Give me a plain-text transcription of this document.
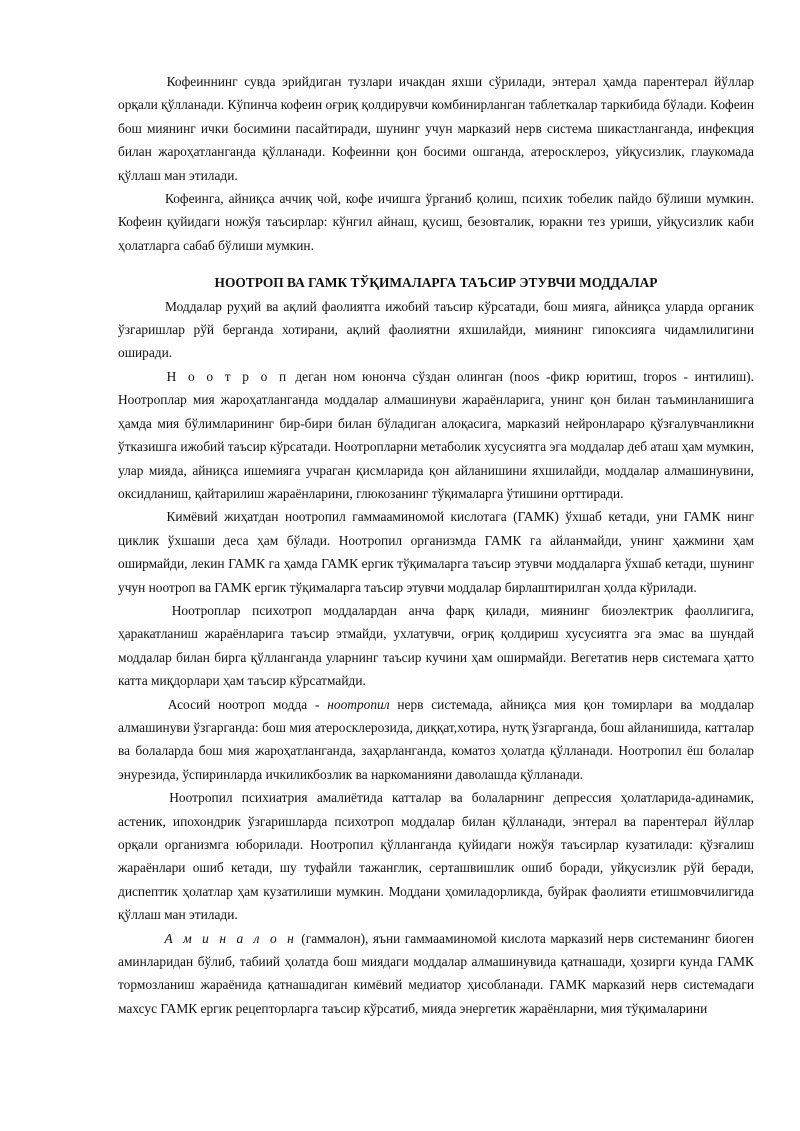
Кофеиннинг сувда эрийдиган тузлари ичакдан яхши сўрилади, энтерал ҳамда парентерал йўллар орқали қўлланади. Кўпинча кофеин оғриқ қолдирувчи комбинирланган таблеткалар таркибида бўлади. Кофеин бош миянинг ички босимини пасайтиради, шунинг учун марказий нерв система шикастланганда, инфекция билан жароҳатланганда қўлланади. Кофеинни қон босими ошганда, атеросклероз, уйқусизлик, глаукомада қўллаш ман этилади.

Кофеинга, айниқса аччиқ чой, кофе ичишга ўрганиб қолиш, психик тобелик пайдо бўлиши мумкин. Кофеин қуйидаги ножўя таъсирлар: кўнгил айнаш, қусиш, безовталик, юракни тез уриши, уйқусизлик каби ҳолатларга сабаб бўлиши мумкин.

НООТРОП ВА ГАМК ТЎҚИМАЛАРГА ТАЪСИР ЭТУВЧИ МОДДАЛАР

Моддалар руҳий ва ақлий фаолиятга ижобий таъсир кўрсатади, бош мияга, айниқса уларда органик ўзгаришлар рўй берганда хотирани, ақлий фаолиятни яхшилайди, миянинг гипоксияга чидамлилигини оширади.

Н о о т р о п деган ном юнонча сўздан олинган (noos -фикр юритиш, tropos - интилиш). Ноотроплар мия жароҳатланганда моддалар алмашинуви жараёнларига, унинг қон билан таъминланишига ҳамда мия бўлимларининг бир-бири билан бўладиган алоқасига, марказий нейронлараро қўзғалувчанликни ўтказишга ижобий таъсир кўрсатади. Ноотропларни метаболик хусусиятга эга моддалар деб аташ ҳам мумкин, улар мияда, айниқса ишемияга учраган қисмларида қон айланишини яхшилайди, моддалар алмашинувини, оксидланиш, қайтарилиш жараёнларини, глюкозанинг тўқималарга ўтишини орттиради.

Кимёвий жиҳатдан ноотропил гаммааминомой кислотага (ГАМК) ўхшаб кетади, уни ГАМК нинг циклик ўхшаши деса ҳам бўлади. Ноотропил организмда ГАМК га айланмайди, унинг ҳажмини ҳам оширмайди, лекин ГАМК га ҳамда ГАМК ергик тўқималарга таъсир этувчи моддаларга ўхшаб кетади, шунинг учун ноотроп ва ГАМК ергик тўқималарга таъсир этувчи моддалар бирлаштирилган ҳолда кўрилади.

Ноотроплар психотроп моддалардан анча фарқ қилади, миянинг биоэлектрик фаоллигига, ҳаракатланиш жараёнларига таъсир этмайди, ухлатувчи, оғриқ қолдириш хусусиятга эга эмас ва шундай моддалар билан бирга қўлланганда уларнинг таъсир кучини ҳам оширмайди. Вегетатив нерв системага ҳатто катта миқдорлари ҳам таъсир кўрсатмайди.

Асосий ноотроп модда - ноотропил нерв системада, айниқса мия қон томирлари ва моддалар алмашинуви ўзгарганда: бош мия атеросклерозида, диққат,хотира, нутқ ўзгарганда, бош айланишида, катталар ва болаларда бош мия жароҳатланганда, заҳарланганда, коматоз ҳолатда қўлланади. Ноотропил ёш болалар энурезида, ўспиринларда ичкиликбозлик ва наркоманияни даволашда қўлланади.

Ноотропил психиатрия амалиётида катталар ва болаларнинг депрессия ҳолатларида-адинамик, астеник, ипохондрик ўзгаришларда психотроп моддалар билан қўлланади, энтерал ва парентерал йўллар орқали организмга юборилади. Ноотропил қўлланганда қуйидаги ножўя таъсирлар кузатилади: қўзғалиш жараёнлари ошиб кетади, шу туфайли тажанглик, серташвишлик ошиб боради, уйқусизлик рўй беради, диспептик ҳолатлар ҳам кузатилиши мумкин. Моддани ҳомиладорликда, буйрак фаолияти етишмовчилигида қўллаш ман этилади.

А м и н а л о н (гаммалон), яъни гаммааминомой кислота марказий нерв системанинг биоген аминларидан бўлиб, табиий ҳолатда бош миядаги моддалар алмашинувида қатнашади, ҳозирги кунда ГАМК тормозланиш жараёнида қатнашадиган кимёвий медиатор ҳисобланади. ГАМК марказий нерв системадаги махсус ГАМК ергик рецепторларга таъсир кўрсатиб, мияда энергетик жараёнларни, мия тўқималарини
